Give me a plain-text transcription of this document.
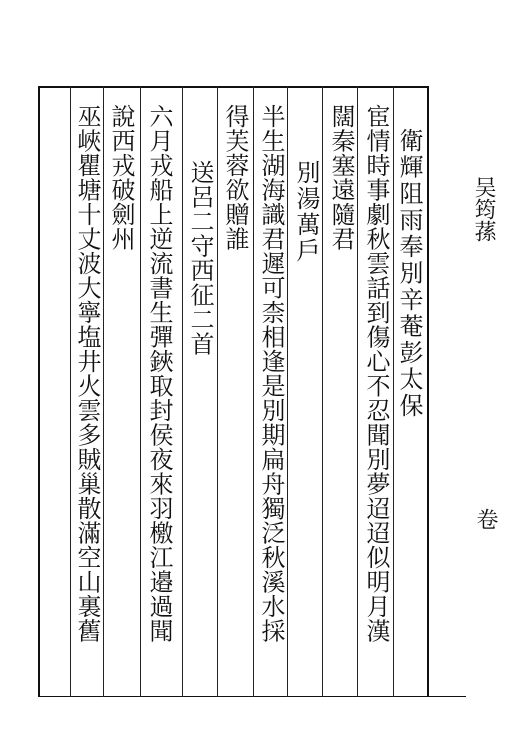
衛輝阻雨奉別辛菴彭太保
宦情時事劇秋雲話到傷心不忍聞別夢迢迢似明月漢
闊秦塞遠隨君
別湯萬戶
半生湖海識君遲可柰相逢是別期扁舟獨泛秋溪水採
得芙蓉欲贈誰
送呂二守西征二首
六月戎船上逆流書生彈鋏取封侯夜來羽檄江邉過聞
說西戎破劍州
巫峽瞿塘十丈波大寧塩井火雲多賊巢散滿空山裏舊	吴筠蓀
卷
